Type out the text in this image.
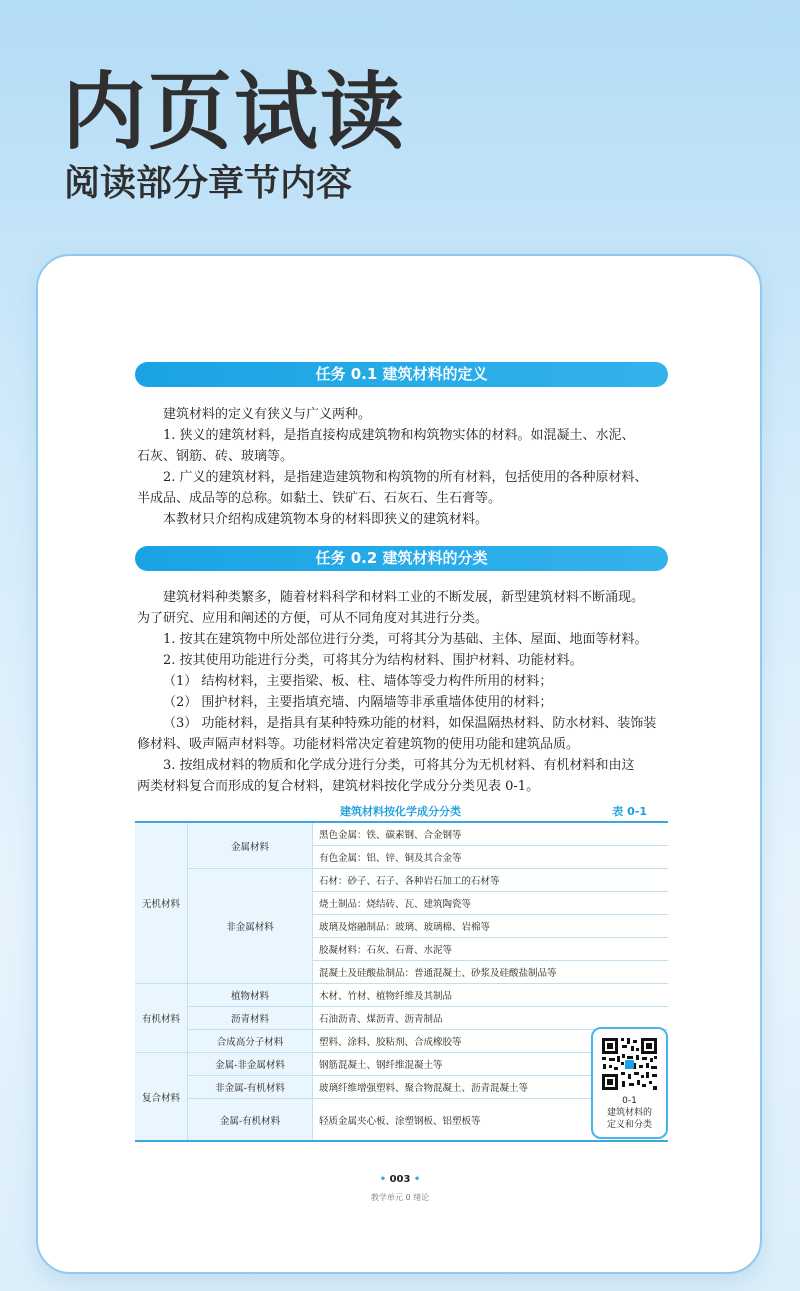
内页试读
阅读部分章节内容
任务 0.1 建筑材料的定义

建筑材料的定义有狭义与广义两种。

1. 狭义的建筑材料，是指直接构成建筑物和构筑物实体的材料。如混凝土、水泥、

石灰、钢筋、砖、玻璃等。

2. 广义的建筑材料，是指建造建筑物和构筑物的所有材料，包括使用的各种原材料、

半成品、成品等的总称。如黏土、铁矿石、石灰石、生石膏等。

本教材只介绍构成建筑物本身的材料即狭义的建筑材料。

任务 0.2 建筑材料的分类

建筑材料种类繁多，随着材料科学和材料工业的不断发展，新型建筑材料不断涌现。

为了研究、应用和阐述的方便，可从不同角度对其进行分类。

1. 按其在建筑物中所处部位进行分类，可将其分为基础、主体、屋面、地面等材料。

2. 按其使用功能进行分类，可将其分为结构材料、围护材料、功能材料。

（1） 结构材料，主要指梁、板、柱、墙体等受力构件所用的材料；

（2） 围护材料，主要指填充墙、内隔墙等非承重墙体使用的材料；

（3） 功能材料，是指具有某种特殊功能的材料，如保温隔热材料、防水材料、装饰装

修材料、吸声隔声材料等。功能材料常决定着建筑物的使用功能和建筑品质。

3. 按组成材料的物质和化学成分进行分类，可将其分为无机材料、有机材料和由这

两类材料复合而形成的复合材料，建筑材料按化学成分分类见表 0-1。

建筑材料按化学成分分类	表 0-1
无机材料	金属材料	黑色金属：铁、碳素钢、合金钢等
		有色金属：铝、锌、铜及其合金等
	非金属材料	石材：砂子、石子、各种岩石加工的石材等
		烧土制品：烧结砖、瓦、建筑陶瓷等
		玻璃及熔融制品：玻璃、玻璃棉、岩棉等
		胶凝材料：石灰、石膏、水泥等
		混凝土及硅酸盐制品：普通混凝土、砂浆及硅酸盐制品等
有机材料	植物材料	木材、竹材、植物纤维及其制品
	沥青材料	石油沥青、煤沥青、沥青制品
	合成高分子材料	塑料、涂料、胶粘剂、合成橡胶等
复合材料	金属-非金属材料	钢筋混凝土、钢纤维混凝土等
	非金属-有机材料	玻璃纤维增强塑料、聚合物混凝土、沥青混凝土等
	金属-有机材料	轻质金属夹心板、涂塑钢板、铝塑板等
0-1
建筑材料的
定义和分类
• 003 •
教学单元 0 绪论
